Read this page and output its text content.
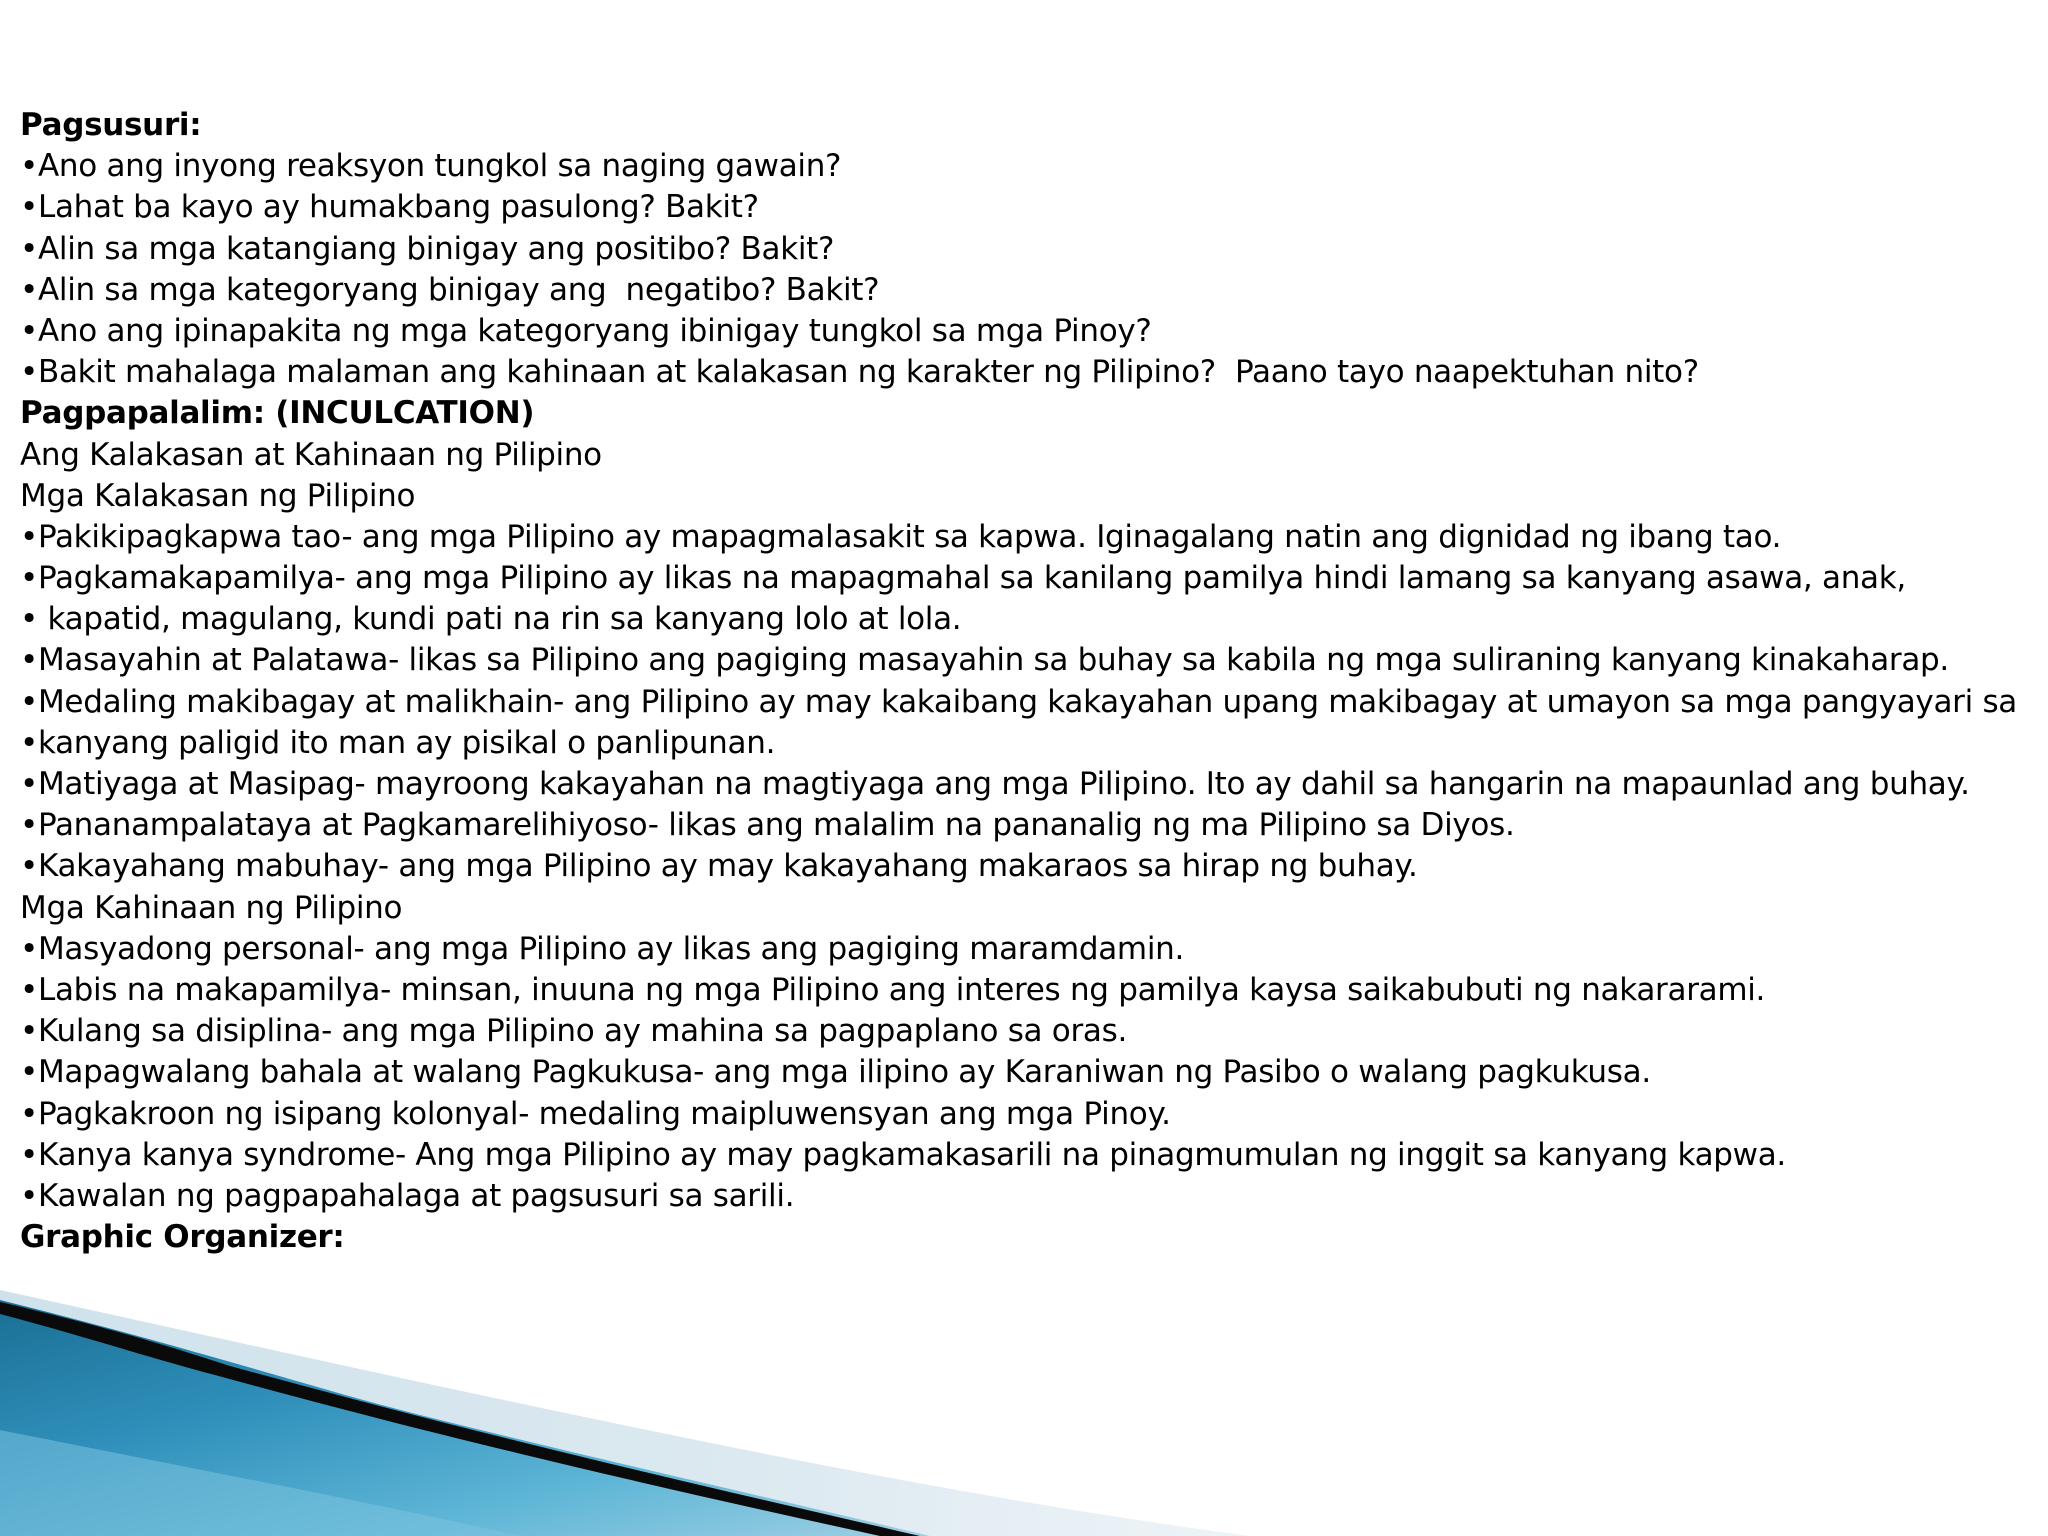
Pagsusuri:
•Ano ang inyong reaksyon tungkol sa naging gawain?
•Lahat ba kayo ay humakbang pasulong? Bakit?
•Alin sa mga katangiang binigay ang positibo? Bakit?
•Alin sa mga kategoryang binigay ang  negatibo? Bakit?
•Ano ang ipinapakita ng mga kategoryang ibinigay tungkol sa mga Pinoy?
•Bakit mahalaga malaman ang kahinaan at kalakasan ng karakter ng Pilipino?  Paano tayo naapektuhan nito?
Pagpapalalim: (INCULCATION)
Ang Kalakasan at Kahinaan ng Pilipino
Mga Kalakasan ng Pilipino
•Pakikipagkapwa tao- ang mga Pilipino ay mapagmalasakit sa kapwa. Iginagalang natin ang dignidad ng ibang tao.
•Pagkamakapamilya- ang mga Pilipino ay likas na mapagmahal sa kanilang pamilya hindi lamang sa kanyang asawa, anak,
• kapatid, magulang, kundi pati na rin sa kanyang lolo at lola.
•Masayahin at Palatawa- likas sa Pilipino ang pagiging masayahin sa buhay sa kabila ng mga suliraning kanyang kinakaharap.
•Medaling makibagay at malikhain- ang Pilipino ay may kakaibang kakayahan upang makibagay at umayon sa mga pangyayari sa
•kanyang paligid ito man ay pisikal o panlipunan.
•Matiyaga at Masipag- mayroong kakayahan na magtiyaga ang mga Pilipino. Ito ay dahil sa hangarin na mapaunlad ang buhay.
•Pananampalataya at Pagkamarelihiyoso- likas ang malalim na pananalig ng ma Pilipino sa Diyos.
•Kakayahang mabuhay- ang mga Pilipino ay may kakayahang makaraos sa hirap ng buhay.
Mga Kahinaan ng Pilipino
•Masyadong personal- ang mga Pilipino ay likas ang pagiging maramdamin.
•Labis na makapamilya- minsan, inuuna ng mga Pilipino ang interes ng pamilya kaysa saikabubuti ng nakararami.
•Kulang sa disiplina- ang mga Pilipino ay mahina sa pagpaplano sa oras.
•Mapagwalang bahala at walang Pagkukusa- ang mga ilipino ay Karaniwan ng Pasibo o walang pagkukusa.
•Pagkakroon ng isipang kolonyal- medaling maipluwensyan ang mga Pinoy.
•Kanya kanya syndrome- Ang mga Pilipino ay may pagkamakasarili na pinagmumulan ng inggit sa kanyang kapwa.
•Kawalan ng pagpapahalaga at pagsusuri sa sarili.
Graphic Organizer:
